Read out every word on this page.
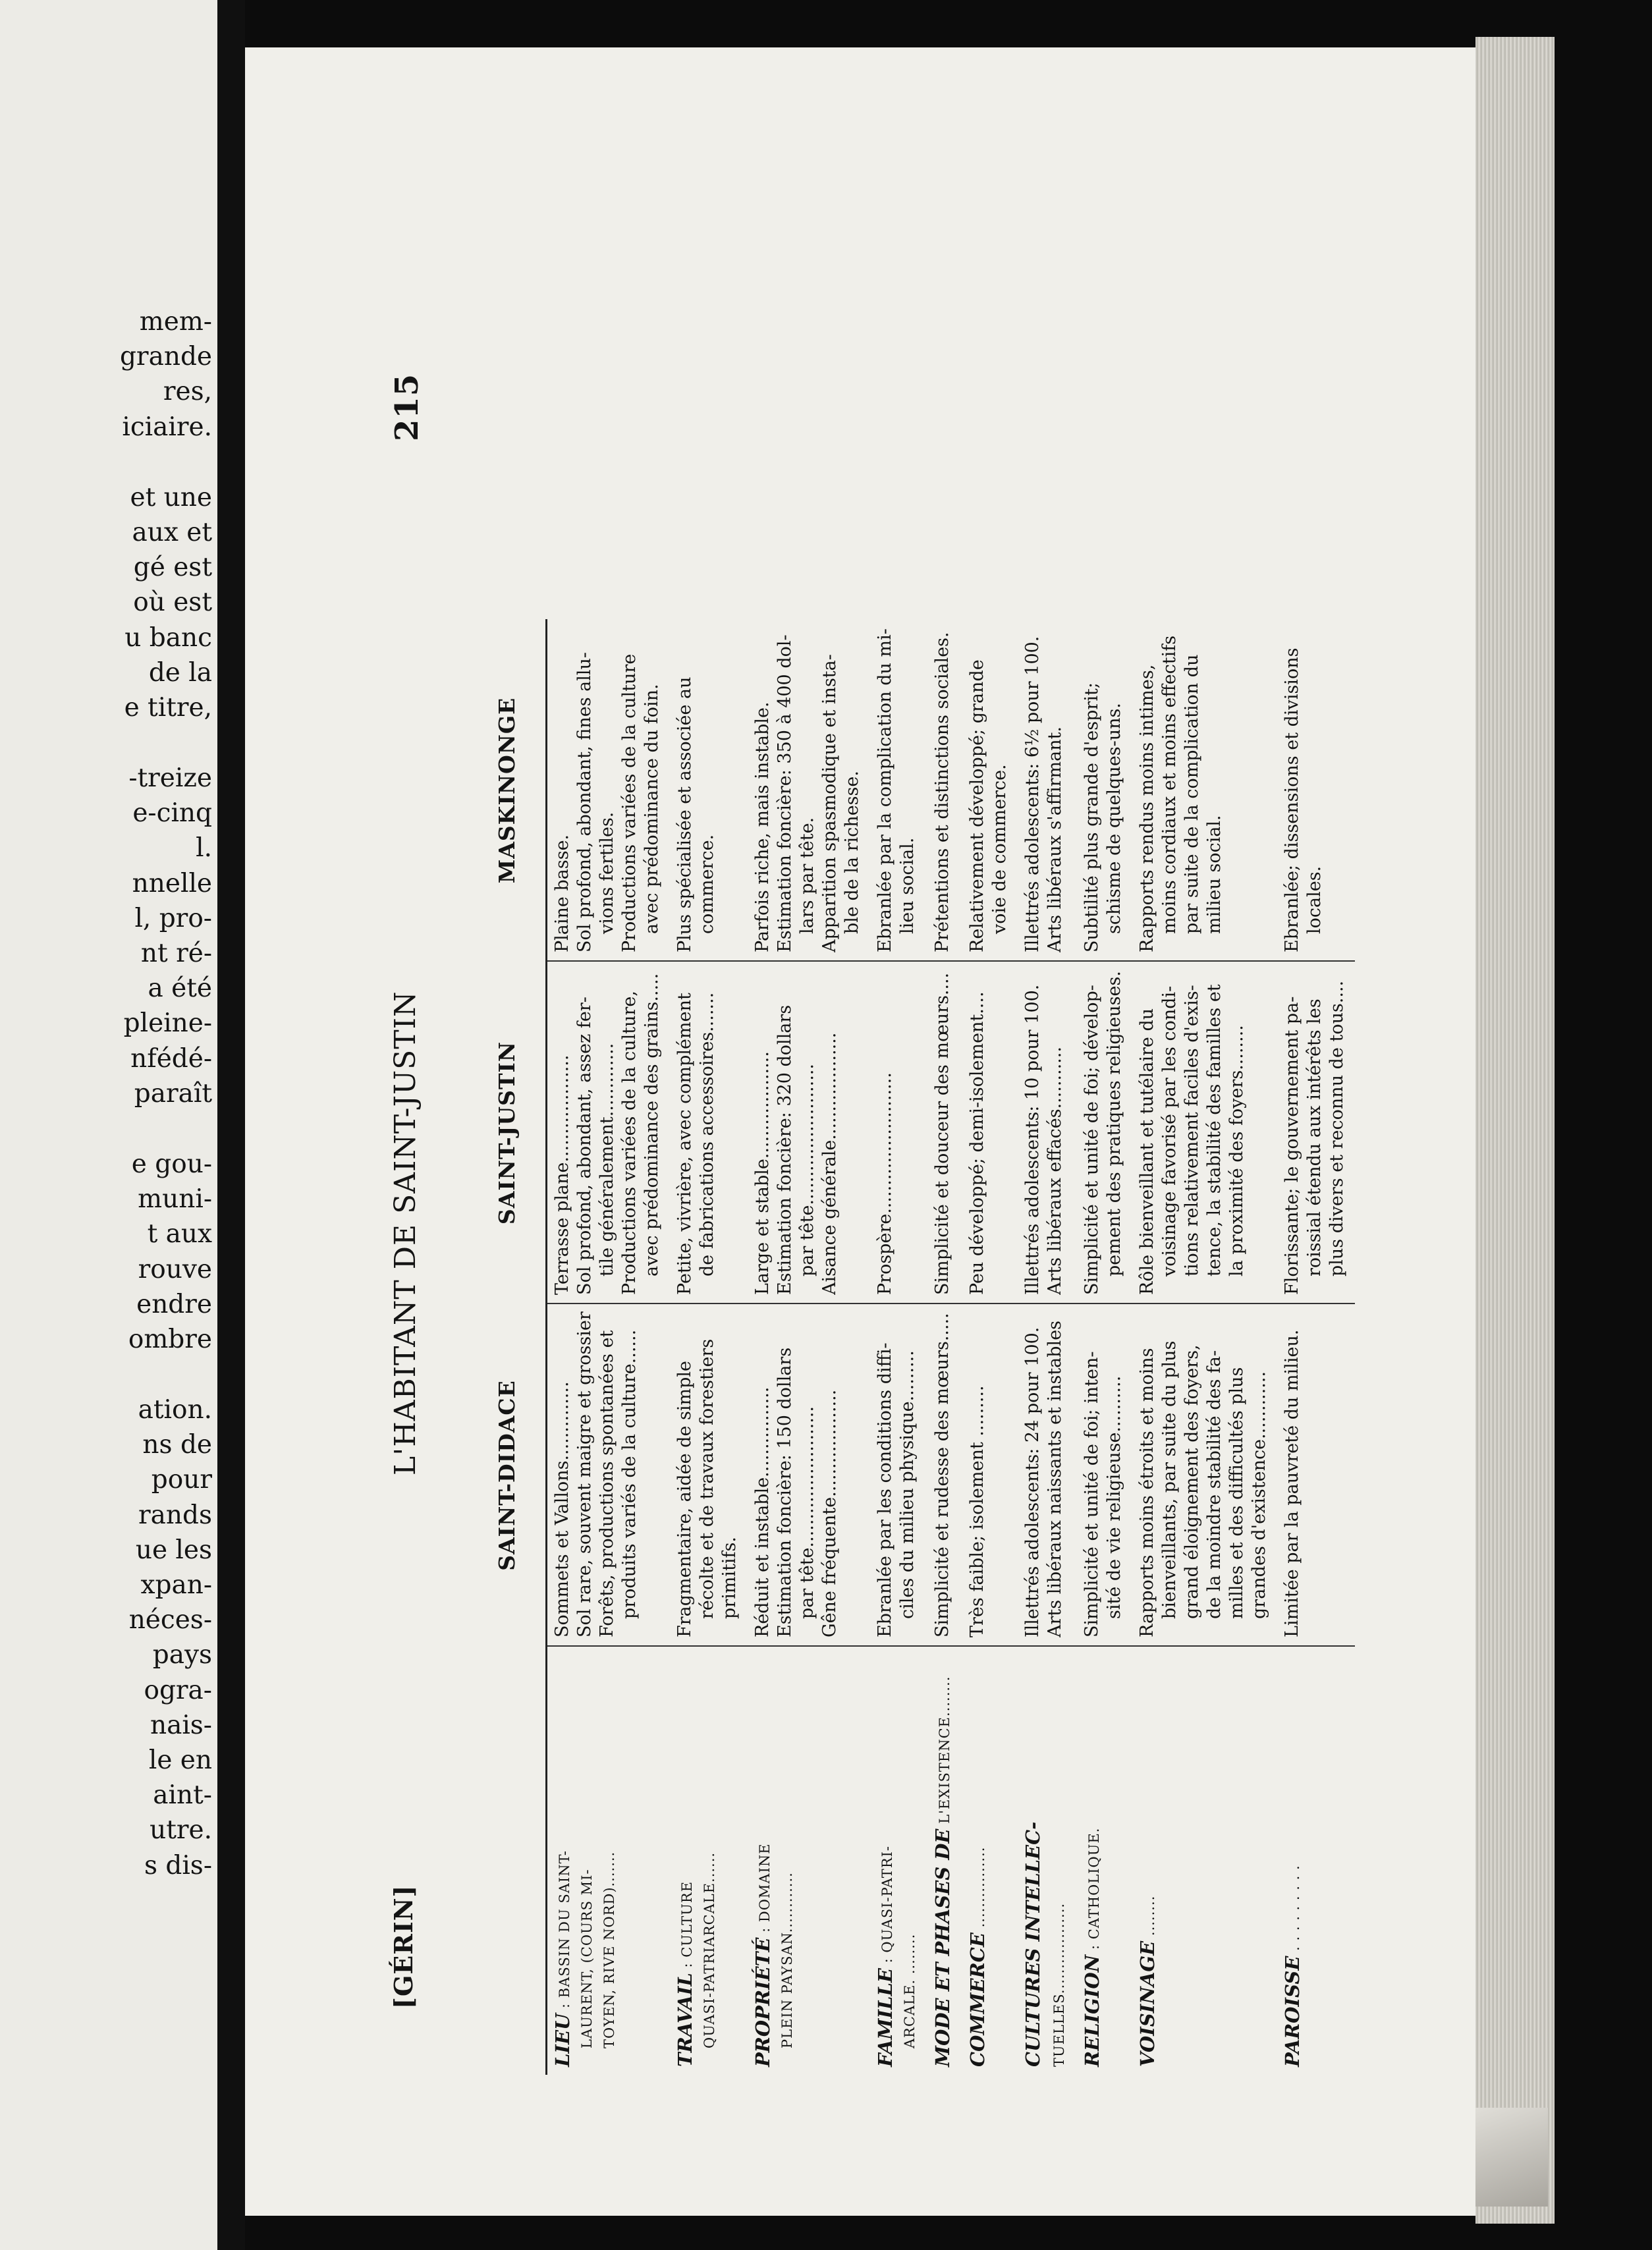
mem-
grande
res,
iciaire.
et une
aux et
gé est
où est
u banc
de la
e titre,
-treize
e-cinq
l.
nnelle
l, pro-
nt ré-
a été
pleine-
nfédé-
paraît
e gou-
muni-
t aux
rouve
endre
ombre
ation.
ns de
pour
rands
ue les
xpan-
néces-
pays
ogra-
nais-
le en
aint-
utre.
s dis-
[GÉRIN]
L'HABITANT DE SAINT-JUSTIN
215
SAINT-DIDACE
SAINT-JUSTIN
MASKINONGE
LIEU : BASSIN DU SAINT- LAURENT, (COURS MI- TOYEN, RIVE NORD).......
Sommets et Vallons.............. Sol rare, souvent maigre et grossier Forêts, productions spontanées et produits variés de la culture......
Terrasse plane................... Sol profond, abondant, assez fer- tile généralement............. Productions variées de la culture, avec prédominance des grains.....
Plaine basse. Sol profond, abondant, fines allu- vions fertiles. Productions variées de la culture avec prédominance du foin.
TRAVAIL : CULTURE QUASI-PATRIARCALE......
Fragmentaire, aidée de simple récolte et de travaux forestiers primitifs.
Petite, vivrière, avec complément de fabrications accessoires.......
Plus spécialisée et associée au commerce.
PROPRIÉTÉ : DOMAINE PLEIN PAYSAN............
Réduit et instable................ Estimation foncière: 150 dollars par tête......................... Gêne fréquente...................
Large et stable................... Estimation foncière: 320 dollars par tête......................... Aisance générale...................
Parfois riche, mais instable. Estimation foncière: 350 à 400 dol- lars par tête. Apparition spasmodique et insta- ble de la richesse.
FAMILLE : QUASI-PATRI-
ARCALE. ........
Ebranlée par les conditions diffi- ciles du milieu physique.........
Prospère.........................
Ebranlée par la complication du mi- lieu social.
MODE ET PHASES DE L'EXISTENCE........
Simplicité et rudesse des mœurs.....
Simplicité et douceur des mœurs....
Prétentions et distinctions sociales.
COMMERCE ................
Très faible; isolement .........
Peu développé; demi-isolement....
Relativement développé; grande voie de commerce.
CULTURES INTELLEC- TUELLES..................
Illettrés adolescents: 24 pour 100. Arts libéraux naissants et instables
Illettrés adolescents: 10 pour 100. Arts libéraux effacés...........
Illettrés adolescents: 6½ pour 100. Arts libéraux s'affirmant.
RELIGION : CATHOLIQUE.
Simplicité et unité de foi; inten- sité de vie religieuse..........
Simplicité et unité de foi; dévelop- pement des pratiques religieuses.
Subtilité plus grande d'esprit; schisme de quelques-uns.
VOISINAGE ........
Rapports moins étroits et moins bienveillants, par suite du plus grand éloignement des foyers, de la moindre stabilité des fa- milles et des difficultés plus grandes d'existence............
Rôle bienveillant et tutélaire du voisinage favorisé par les condi- tions relativement faciles d'exis- tence, la stabilité des familles et la proximité des foyers........
Rapports rendus moins intimes, moins cordiaux et moins effectifs par suite de la complication du milieu social.
PAROISSE . . . . . . . . .
Limitée par la pauvreté du milieu.
Florissante; le gouvernement pa- roissial étendu aux intérêts les plus divers et reconnu de tous....
Ebranlée; dissensions et divisions locales.
